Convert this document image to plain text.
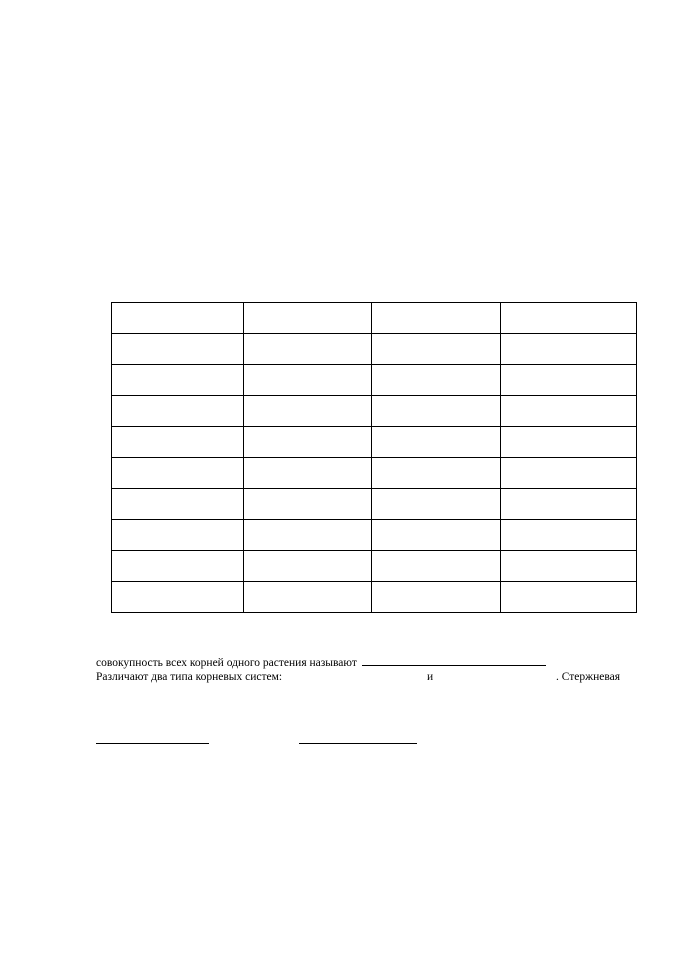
совокупность всех корней одного растения называют
Различают два типа корневых систем:	и	. Стержневая
